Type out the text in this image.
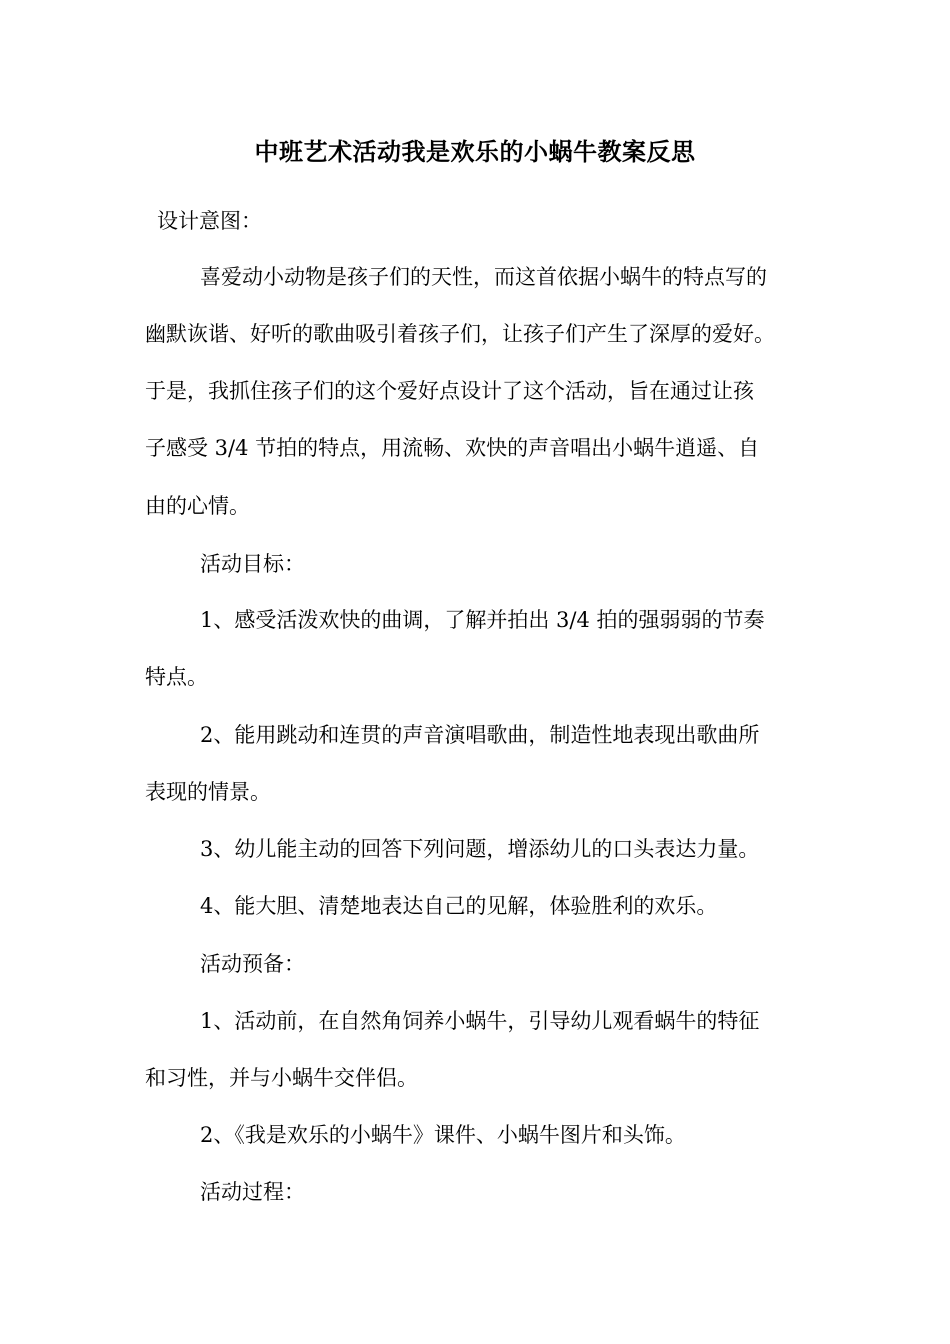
中班艺术活动我是欢乐的小蜗牛教案反思
设计意图：
喜爱动小动物是孩子们的天性，而这首依据小蜗牛的特点写的
幽默诙谐、好听的歌曲吸引着孩子们，让孩子们产生了深厚的爱好。
于是，我抓住孩子们的这个爱好点设计了这个活动，旨在通过让孩
子感受 3/4 节拍的特点，用流畅、欢快的声音唱出小蜗牛逍遥、自
由的心情。
活动目标：
1、感受活泼欢快的曲调，了解并拍出 3/4 拍的强弱弱的节奏
特点。
2、能用跳动和连贯的声音演唱歌曲，制造性地表现出歌曲所
表现的情景。
3、幼儿能主动的回答下列问题，增添幼儿的口头表达力量。
4、能大胆、清楚地表达自己的见解，体验胜利的欢乐。
活动预备：
1、活动前，在自然角饲养小蜗牛，引导幼儿观看蜗牛的特征
和习性，并与小蜗牛交伴侣。
2、《我是欢乐的小蜗牛》课件、小蜗牛图片和头饰。
活动过程：
